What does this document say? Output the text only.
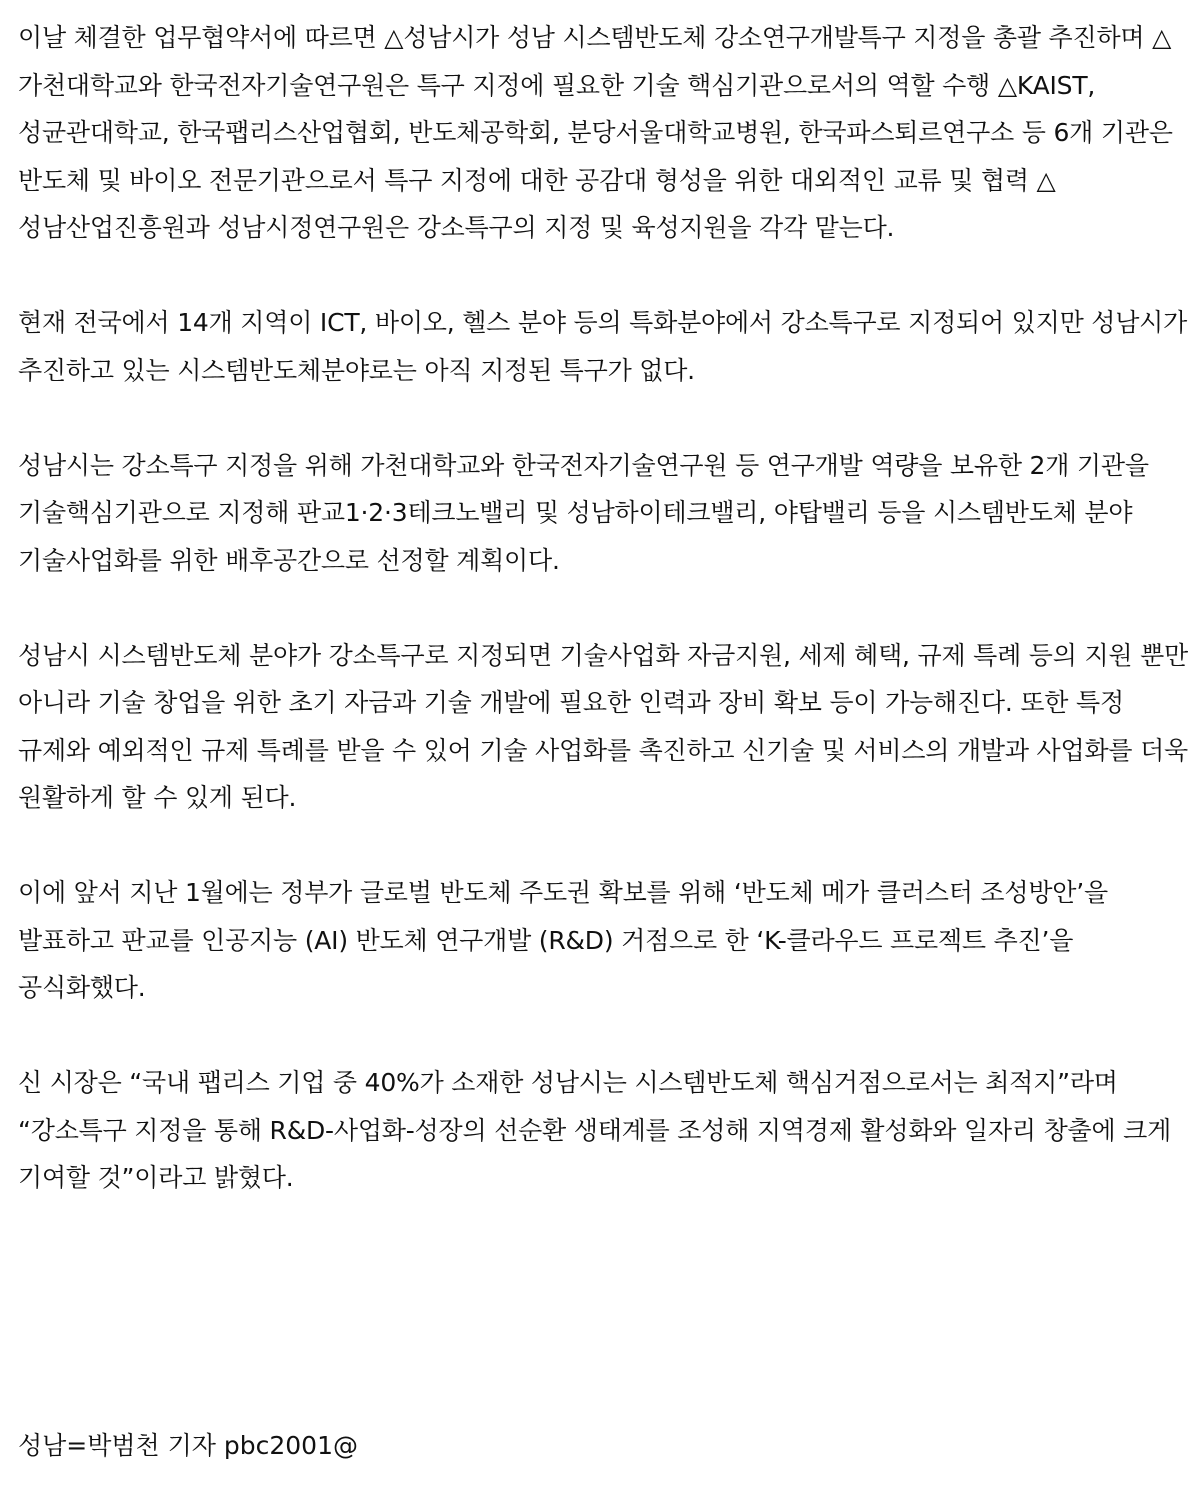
이날 체결한 업무협약서에 따르면 △성남시가 성남 시스템반도체 강소연구개발특구 지정을 총괄 추진하며 △가천대학교와 한국전자기술연구원은 특구 지정에 필요한 기술 핵심기관으로서의 역할 수행 △KAIST, 성균관대학교, 한국팹리스산업협회, 반도체공학회, 분당서울대학교병원, 한국파스퇴르연구소 등 6개 기관은 반도체 및 바이오 전문기관으로서 특구 지정에 대한 공감대 형성을 위한 대외적인 교류 및 협력 △성남산업진흥원과 성남시정연구원은 강소특구의 지정 및 육성지원을 각각 맡는다.

현재 전국에서 14개 지역이 ICT, 바이오, 헬스 분야 등의 특화분야에서 강소특구로 지정되어 있지만 성남시가 추진하고 있는 시스템반도체분야로는 아직 지정된 특구가 없다.

성남시는 강소특구 지정을 위해 가천대학교와 한국전자기술연구원 등 연구개발 역량을 보유한 2개 기관을 기술핵심기관으로 지정해 판교1·2·3테크노밸리 및 성남하이테크밸리, 야탑밸리 등을 시스템반도체 분야 기술사업화를 위한 배후공간으로 선정할 계획이다.

성남시 시스템반도체 분야가 강소특구로 지정되면 기술사업화 자금지원, 세제 혜택, 규제 특례 등의 지원 뿐만 아니라 기술 창업을 위한 초기 자금과 기술 개발에 필요한 인력과 장비 확보 등이 가능해진다. 또한 특정 규제와 예외적인 규제 특례를 받을 수 있어 기술 사업화를 촉진하고 신기술 및 서비스의 개발과 사업화를 더욱 원활하게 할 수 있게 된다.

이에 앞서 지난 1월에는 정부가 글로벌 반도체 주도권 확보를 위해 ‘반도체 메가 클러스터 조성방안’을 발표하고 판교를 인공지능 (AI) 반도체 연구개발 (R&D) 거점으로 한 ‘K-클라우드 프로젝트 추진’을 공식화했다.

신 시장은 “국내 팹리스 기업 중 40%가 소재한 성남시는 시스템반도체 핵심거점으로서는 최적지”라며 “강소특구 지정을 통해 R&D-사업화-성장의 선순환 생태계를 조성해 지역경제 활성화와 일자리 창출에 크게 기여할 것”이라고 밝혔다.

성남=박범천 기자 pbc2001@
